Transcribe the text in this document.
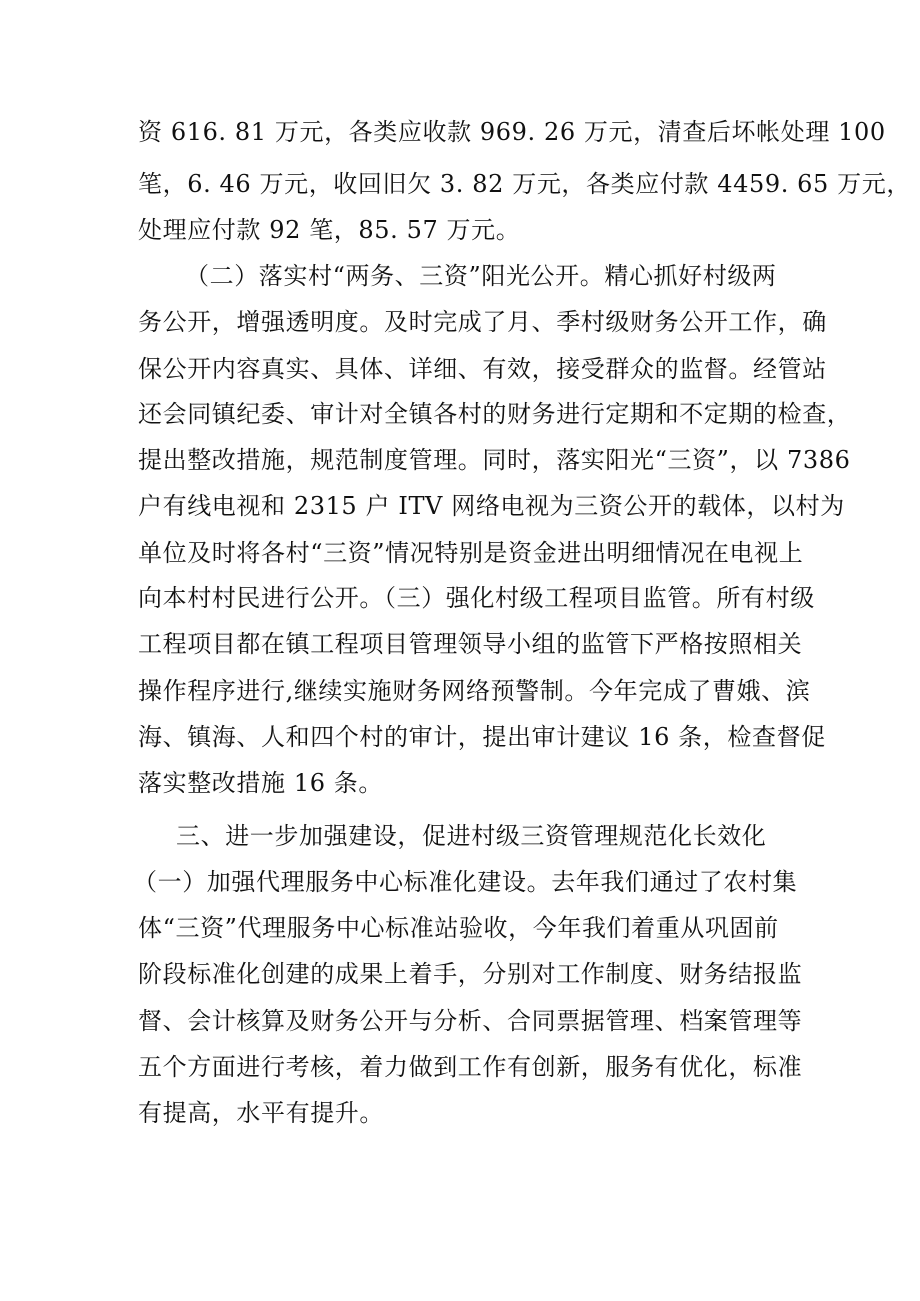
资 616. 81 万元，各类应收款 969. 26 万元，清查后坏帐处理 100
笔，6. 46 万元，收回旧欠 3. 82 万元，各类应付款 4459. 65 万元，
处理应付款 92 笔，85. 57 万元。
（二）落实村“两务、三资”阳光公开。精心抓好村级两
务公开，增强透明度。及时完成了月、季村级财务公开工作，确
保公开内容真实、具体、详细、有效，接受群众的监督。经管站
还会同镇纪委、审计对全镇各村的财务进行定期和不定期的检查，
提出整改措施，规范制度管理。同时，落实阳光“三资”，以 7386
户有线电视和 2315 户 ITV 网络电视为三资公开的载体，以村为
单位及时将各村“三资”情况特别是资金进出明细情况在电视上
向本村村民进行公开。（三）强化村级工程项目监管。所有村级
工程项目都在镇工程项目管理领导小组的监管下严格按照相关
操作程序进行,继续实施财务网络预警制。今年完成了曹娥、滨
海、镇海、人和四个村的审计，提出审计建议 16 条，检查督促
落实整改措施 16 条。
三、进一步加强建设，促进村级三资管理规范化长效化
（一）加强代理服务中心标准化建设。去年我们通过了农村集
体“三资”代理服务中心标准站验收，今年我们着重从巩固前
阶段标准化创建的成果上着手，分别对工作制度、财务结报监
督、会计核算及财务公开与分析、合同票据管理、档案管理等
五个方面进行考核，着力做到工作有创新，服务有优化，标准
有提高，水平有提升。
